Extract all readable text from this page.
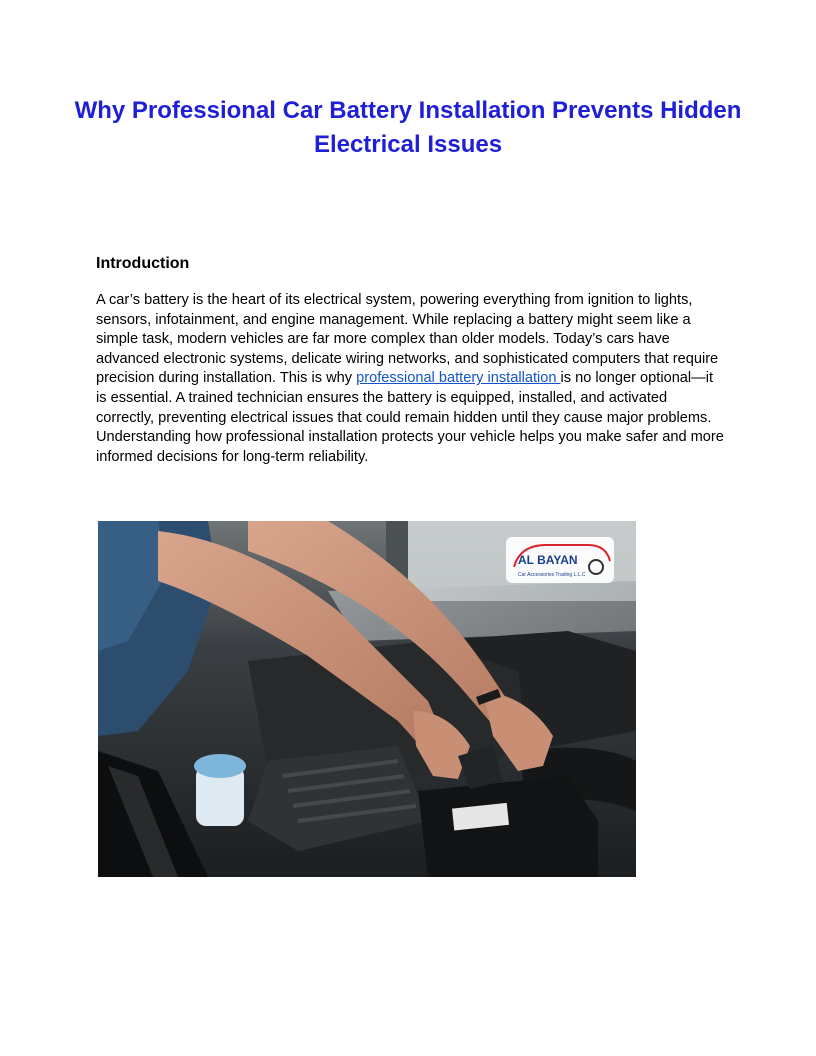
Why Professional Car Battery Installation Prevents Hidden Electrical Issues
Introduction

A car’s battery is the heart of its electrical system, powering everything from ignition to lights, sensors, infotainment, and engine management. While replacing a battery might seem like a simple task, modern vehicles are far more complex than older models. Today’s cars have advanced electronic systems, delicate wiring networks, and sophisticated computers that require precision during installation. This is why professional battery installation is no longer optional—it is essential. A trained technician ensures the battery is equipped, installed, and activated correctly, preventing electrical issues that could remain hidden until they cause major problems. Understanding how professional installation protects your vehicle helps you make safer and more informed decisions for long-term reliability.

AL BAYAN
Car Accessories Trading L.L.C
